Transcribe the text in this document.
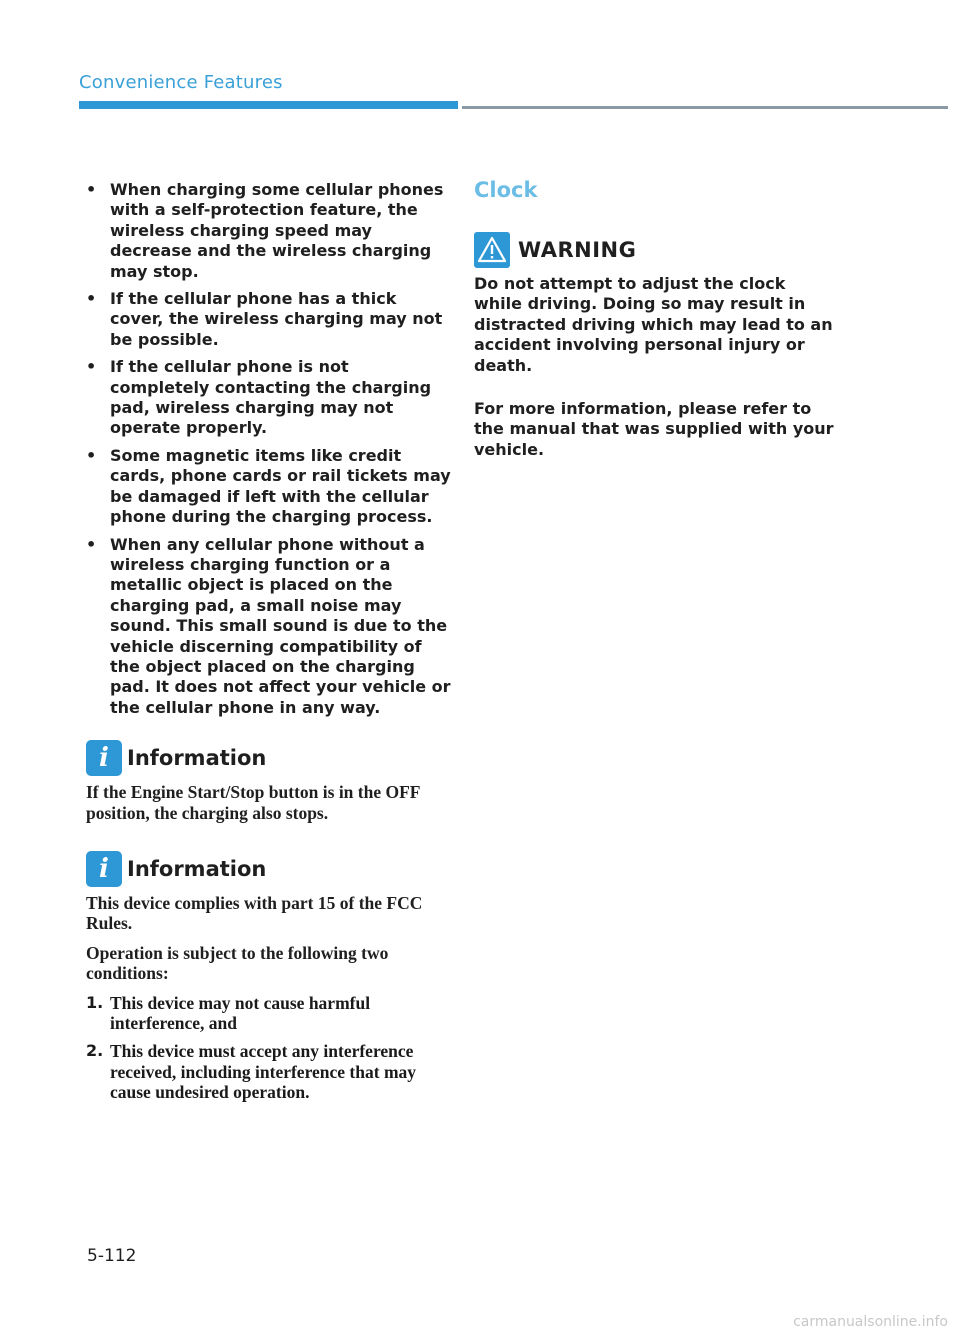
Convenience Features
• When charging some cellular phones with a self-protection feature, the wireless charging speed may decrease and the wireless charging may stop.
• If the cellular phone has a thick cover, the wireless charging may not be possible.
• If the cellular phone is not completely contacting the charging pad, wireless charging may not operate properly.
• Some magnetic items like credit cards, phone cards or rail tickets may be damaged if left with the cellular phone during the charging process.
• When any cellular phone without a wireless charging function or a metallic object is placed on the charging pad, a small noise may sound. This small sound is due to the vehicle discerning compatibility of the object placed on the charging pad. It does not affect your vehicle or the cellular phone in any way.
i Information

If the Engine Start/Stop button is in the OFF position, the charging also stops.

i Information

This device complies with part 15 of the FCC Rules.

Operation is subject to the following two conditions:

1. This device may not cause harmful interference, and
2. This device must accept any interference received, including interference that may cause undesired operation.
Clock
WARNING

Do not attempt to adjust the clock while driving. Doing so may result in distracted driving which may lead to an accident involving personal injury or death.

For more information, please refer to the manual that was supplied with your vehicle.

5-112
carmanualsonline.info
